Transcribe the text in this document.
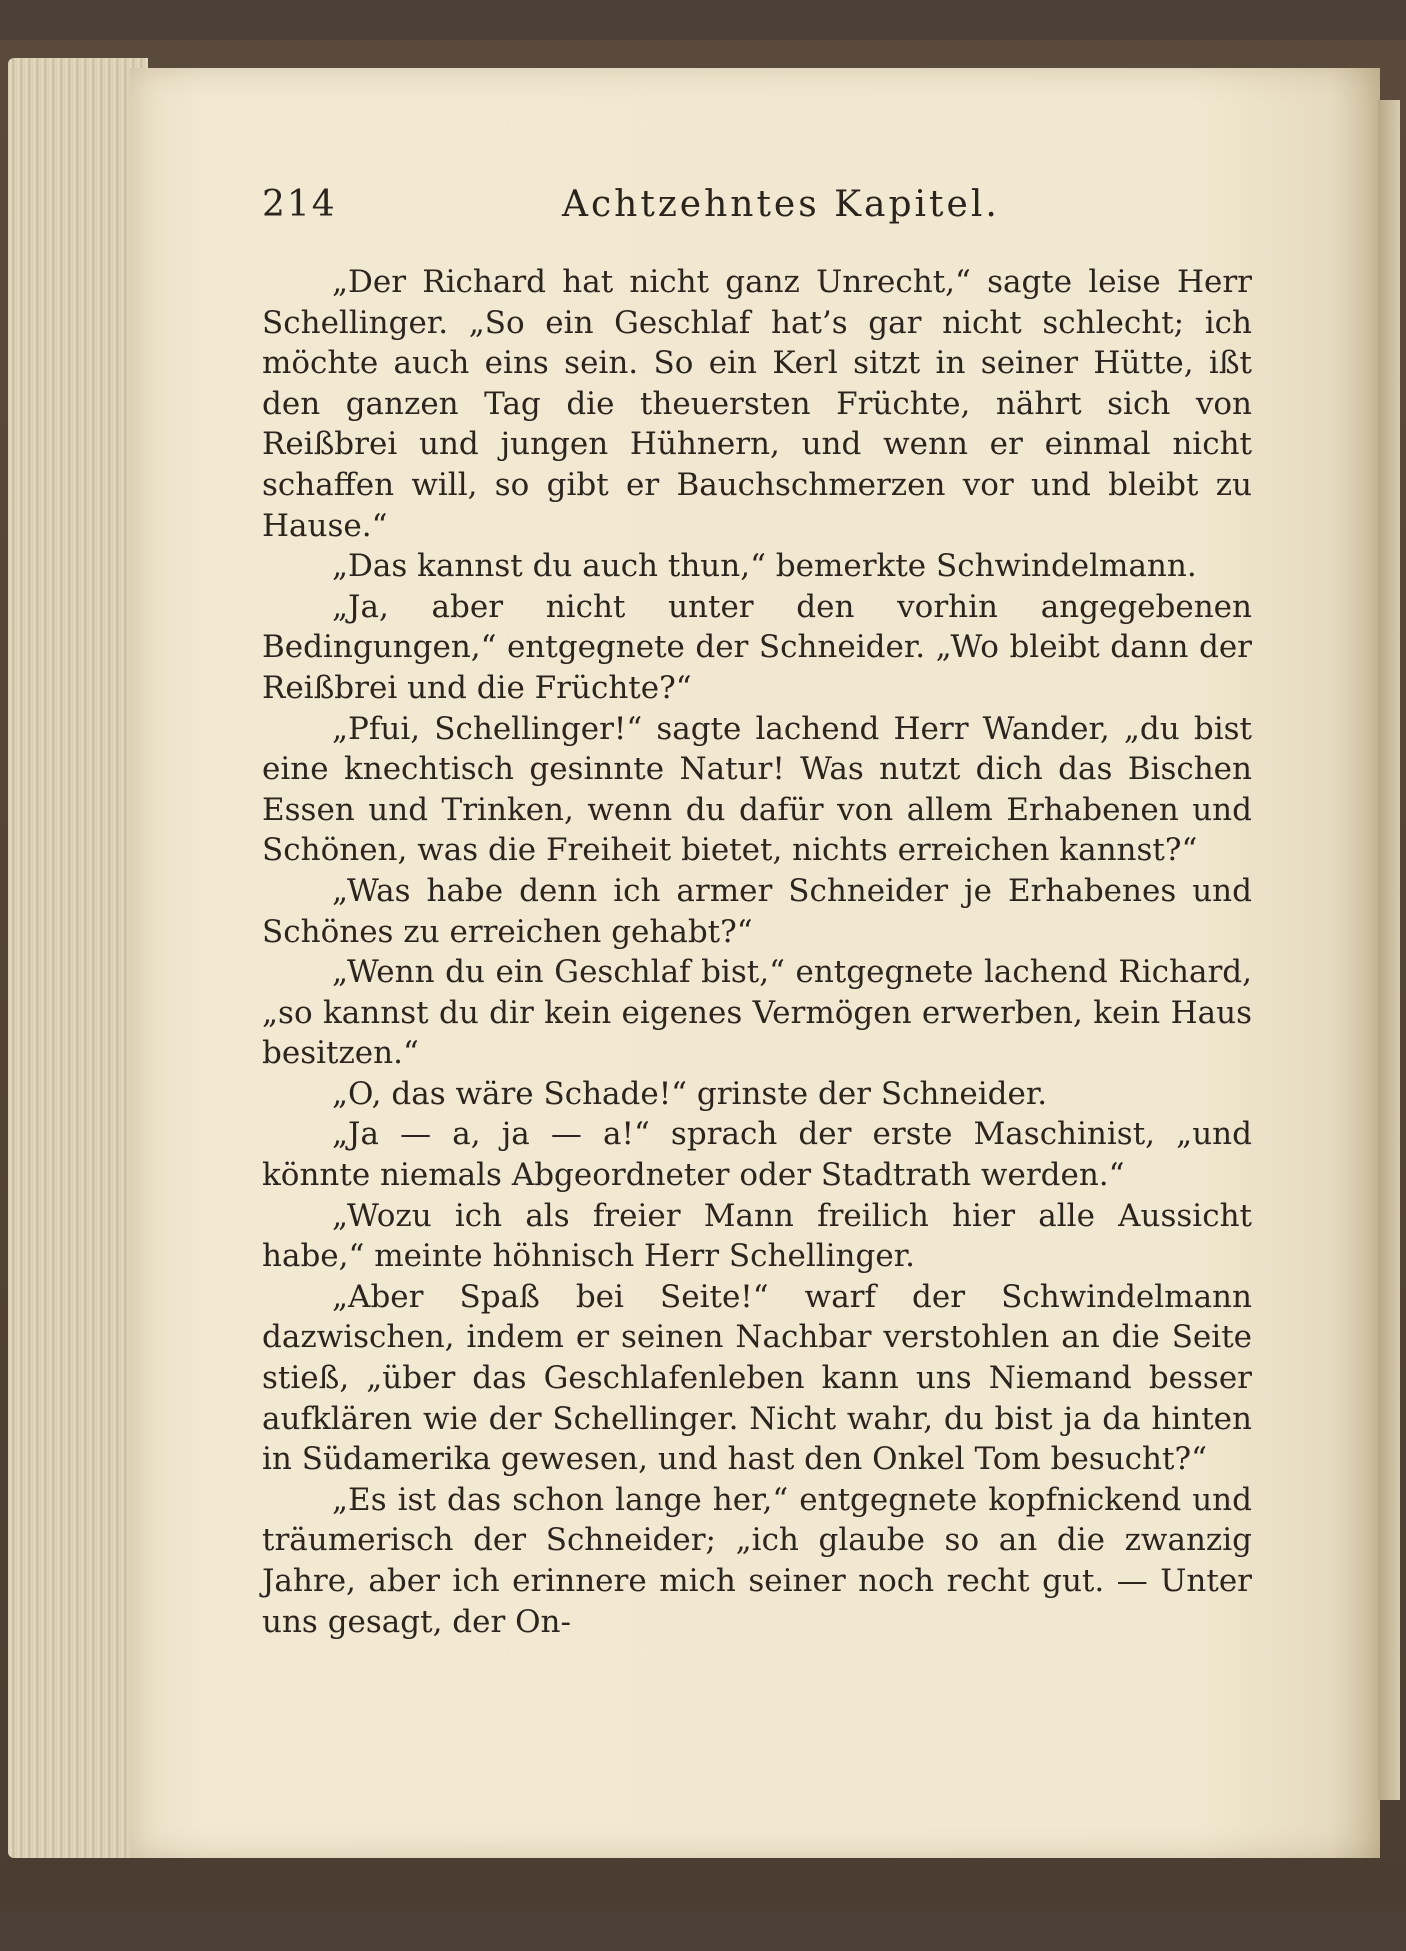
214	Achtzehntes Kapitel.

„Der Richard hat nicht ganz Unrecht,“ sagte leise Herr Schellinger. „So ein Geschlaf hat’s gar nicht schlecht; ich möchte auch eins sein. So ein Kerl sitzt in seiner Hütte, ißt den ganzen Tag die theuersten Früchte, nährt sich von Reißbrei und jungen Hühnern, und wenn er einmal nicht schaffen will, so gibt er Bauchschmerzen vor und bleibt zu Hause.“

„Das kannst du auch thun,“ bemerkte Schwindelmann.

„Ja, aber nicht unter den vorhin angegebenen Bedingungen,“ entgegnete der Schneider. „Wo bleibt dann der Reißbrei und die Früchte?“

„Pfui, Schellinger!“ sagte lachend Herr Wander, „du bist eine knechtisch gesinnte Natur! Was nutzt dich das Bischen Essen und Trinken, wenn du dafür von allem Erhabenen und Schönen, was die Freiheit bietet, nichts erreichen kannst?“

„Was habe denn ich armer Schneider je Erhabenes und Schönes zu erreichen gehabt?“

„Wenn du ein Geschlaf bist,“ entgegnete lachend Richard, „so kannst du dir kein eigenes Vermögen erwerben, kein Haus besitzen.“

„O, das wäre Schade!“ grinste der Schneider.

„Ja — a, ja — a!“ sprach der erste Maschinist, „und könnte niemals Abgeordneter oder Stadtrath werden.“

„Wozu ich als freier Mann freilich hier alle Aussicht habe,“ meinte höhnisch Herr Schellinger.

„Aber Spaß bei Seite!“ warf der Schwindelmann dazwischen, indem er seinen Nachbar verstohlen an die Seite stieß, „über das Geschlafenleben kann uns Niemand besser aufklären wie der Schellinger. Nicht wahr, du bist ja da hinten in Südamerika gewesen, und hast den Onkel Tom besucht?“

„Es ist das schon lange her,“ entgegnete kopfnickend und träumerisch der Schneider; „ich glaube so an die zwanzig Jahre, aber ich erinnere mich seiner noch recht gut. — Unter uns gesagt, der On-
